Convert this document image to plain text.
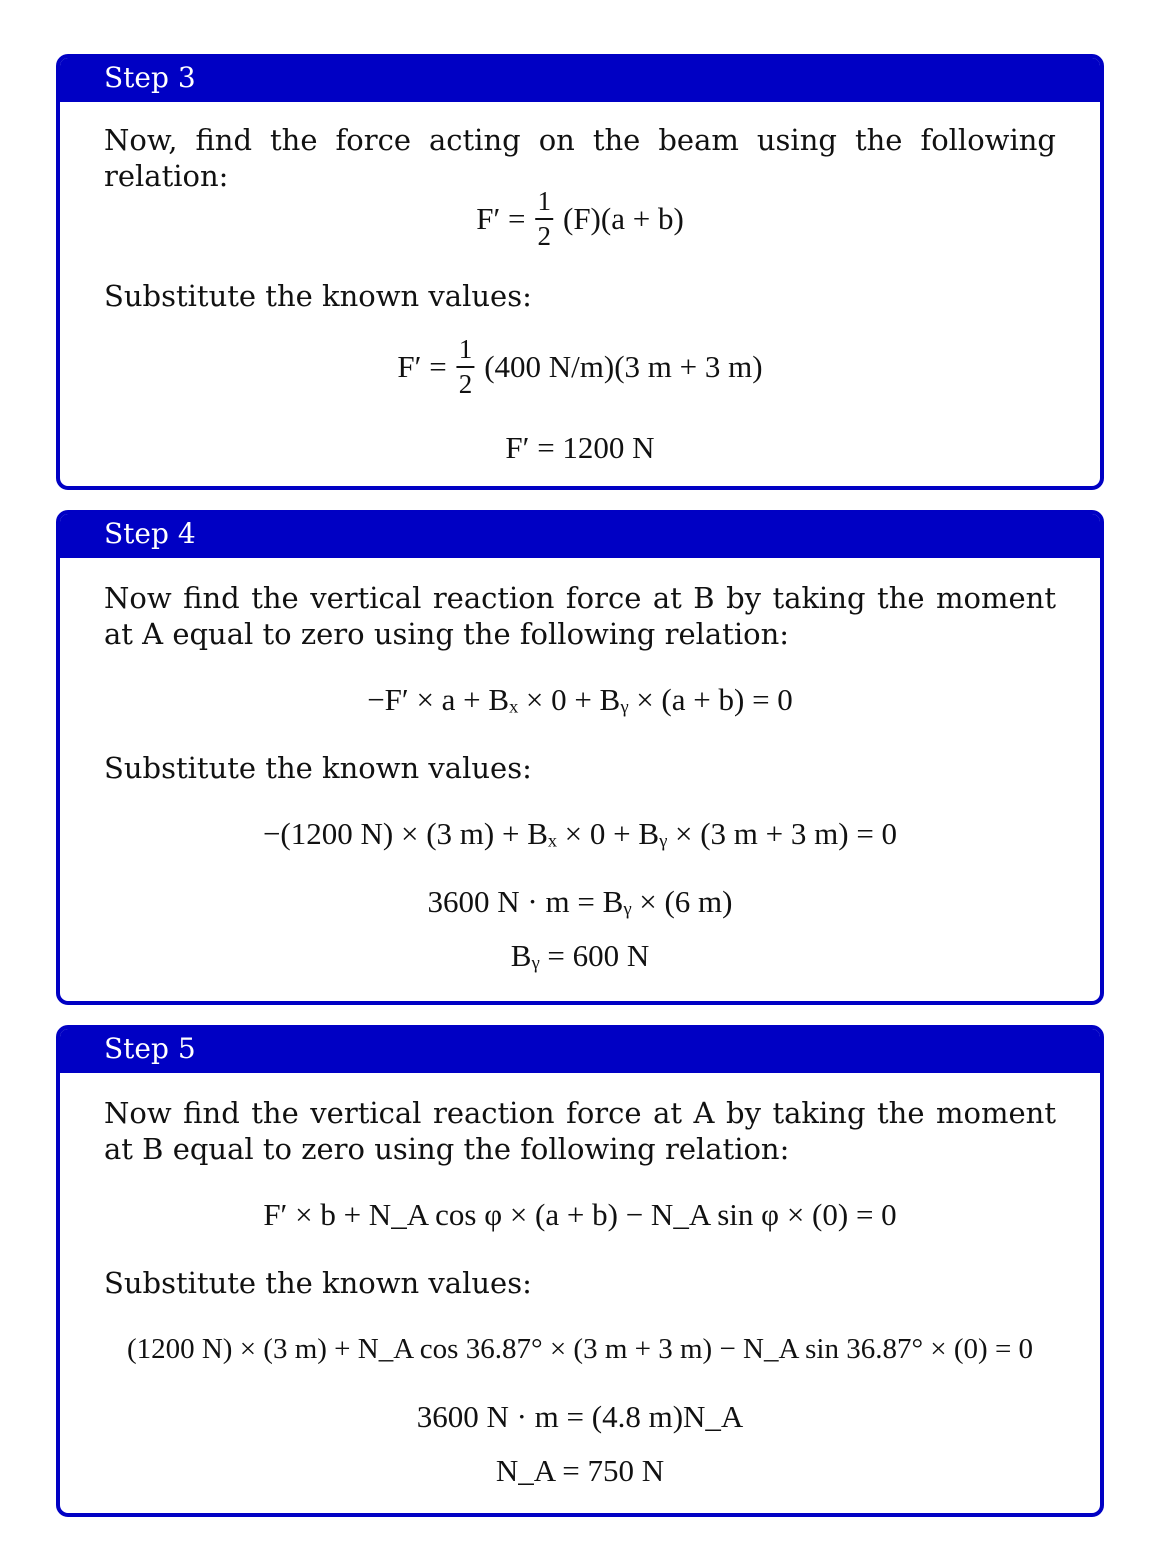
Step 3
Now, find the force acting on the beam using the following relation:
$F' = \frac{1}{2} (F)(a + b)$
Substitute the known values:
$F' = \frac{1}{2} (400$ N/m)(3 m + 3 m)
F′ = 1200 N
Step 4
Now find the vertical reaction force at B by taking the moment at A equal to zero using the following relation:
−F′ × a + Bₓ × 0 + Bᵧ × (a + b) = 0
Substitute the known values:
−(1200 N) × (3 m) + Bₓ × 0 + Bᵧ × (3 m + 3 m) = 0
3600 N · m = Bᵧ × (6 m)
Bᵧ = 600 N
Step 5
Now find the vertical reaction force at A by taking the moment at B equal to zero using the following relation:
F′ × b + N_A cos φ × (a + b) − N_A sin φ × (0) = 0
Substitute the known values:
(1200 N) × (3 m) + N_A cos 36.87° × (3 m + 3 m) − N_A sin 36.87° × (0) = 0
3600 N · m = (4.8 m)N_A
N_A = 750 N
